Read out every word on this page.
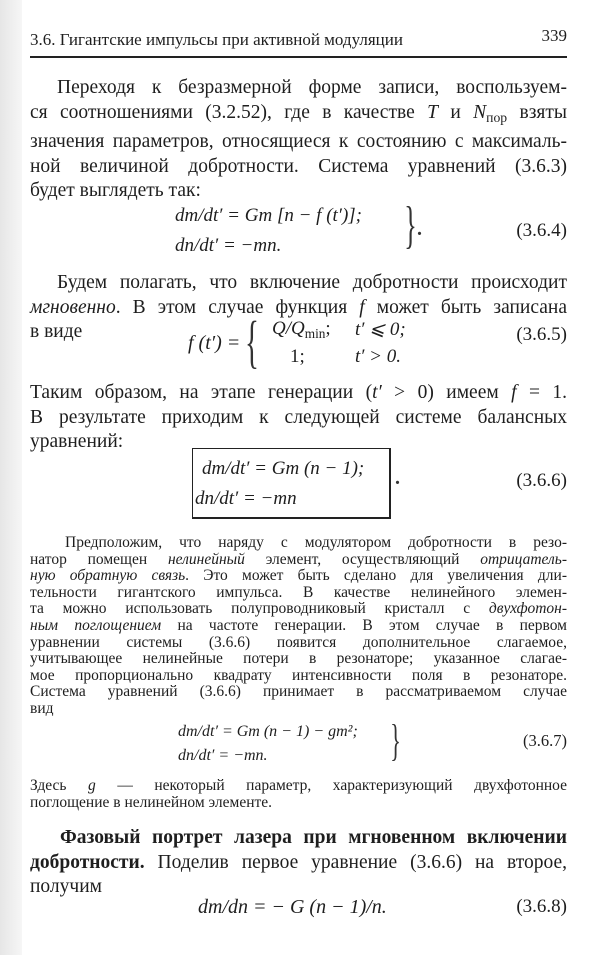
3.6. Гигантские импульсы при активной модуляции	339
Переходя к безразмерной форме записи, воспользуем-
ся соотношениями (3.2.52), где в качестве T и $N_{пор}$ взяты
значения параметров, относящиеся к состоянию с максималь-
ной величиной добротности. Система уравнений (3.6.3)
будет выглядеть так:
dm/dt′ = Gm [n − f (t′)];
dn/dt′ = −mn. } .	(3.6.4)
Будем полагать, что включение добротности происходит
мгновенно. В этом случае функция f может быть записана
в виде
f (t′) = { $Q/Q_{min}$; t′ ⩽ 0;
1;	t′ > 0.
(3.6.5)
Таким образом, на этапе генерации (t′ > 0) имеем f = 1.
В результате приходим к следующей системе балансных
уравнений:
dm/dt′ = Gm (n − 1);
dn/dt′ = −mn
.	(3.6.6)
Предположим, что наряду с модулятором добротности в резо-
натор помещен нелинейный элемент, осуществляющий отрицатель-
ную обратную связь. Это может быть сделано для увеличения дли-
тельности гигантского импульса. В качестве нелинейного элемен-
та можно использовать полупроводниковый кристалл с двухфотон-
ным поглощением на частоте генерации. В этом случае в первом
уравнении системы (3.6.6) появится дополнительное слагаемое,
учитывающее нелинейные потери в резонаторе; указанное слагае-
мое пропорционально квадрату интенсивности поля в резонаторе.
Система уравнений (3.6.6) принимает в рассматриваемом случае
вид
dm/dt′ = Gm (n − 1) − gm²;
dn/dt′ = −mn.	}	(3.6.7)
Здесь g — некоторый параметр, характеризующий двухфотонное
поглощение в нелинейном элементе.
Фазовый портрет лазера при мгновенном включении
добротности. Поделив первое уравнение (3.6.6) на второе,
получим
dm/dn = − G (n − 1)/n.	(3.6.8)
